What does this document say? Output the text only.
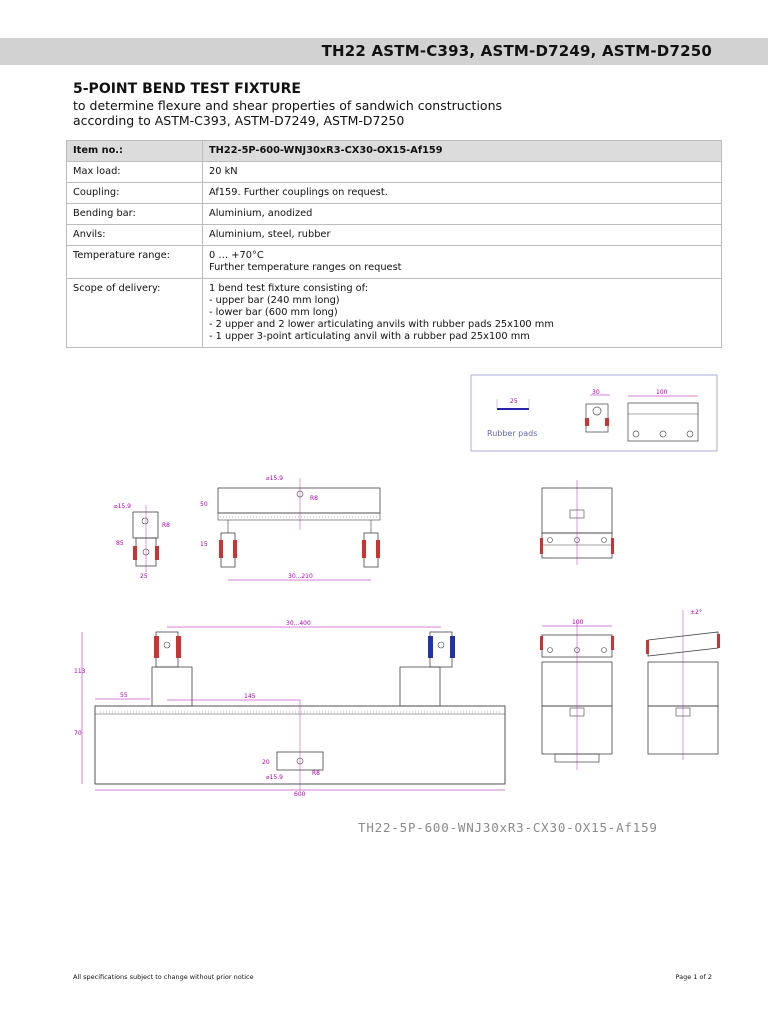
TH22 ASTM-C393, ASTM-D7249, ASTM-D7250
5-POINT BEND TEST FIXTURE
to determine flexure and shear properties of sandwich constructions
according to ASTM-C393, ASTM-D7249, ASTM-D7250
Item no.:	TH22-5P-600-WNJ30xR3-CX30-OX15-Af159
Max load:	20 kN
Coupling:	Af159. Further couplings on request.
Bending bar:	Aluminium, anodized
Anvils:	Aluminium, steel, rubber
Temperature range:	0 … +70°C
Further temperature ranges on request

Scope of delivery:	1 bend test fixture consisting of:
- upper bar (240 mm long)
- lower bar (600 mm long)
- 2 upper and 2 lower articulating anvils with rubber pads 25x100 mm
- 1 upper 3-point articulating anvil with a rubber pad 25x100 mm
25
Rubber pads
30	100
⌀15.9
R8
85
25
⌀15.9
R8
50
15
30...210
30...400
113
70
55	145
20
⌀15.9
R8
600
100
±2°
TH22-5P-600-WNJ30xR3-CX30-OX15-Af159
All specifications subject to change without prior notice	Page 1 of 2
